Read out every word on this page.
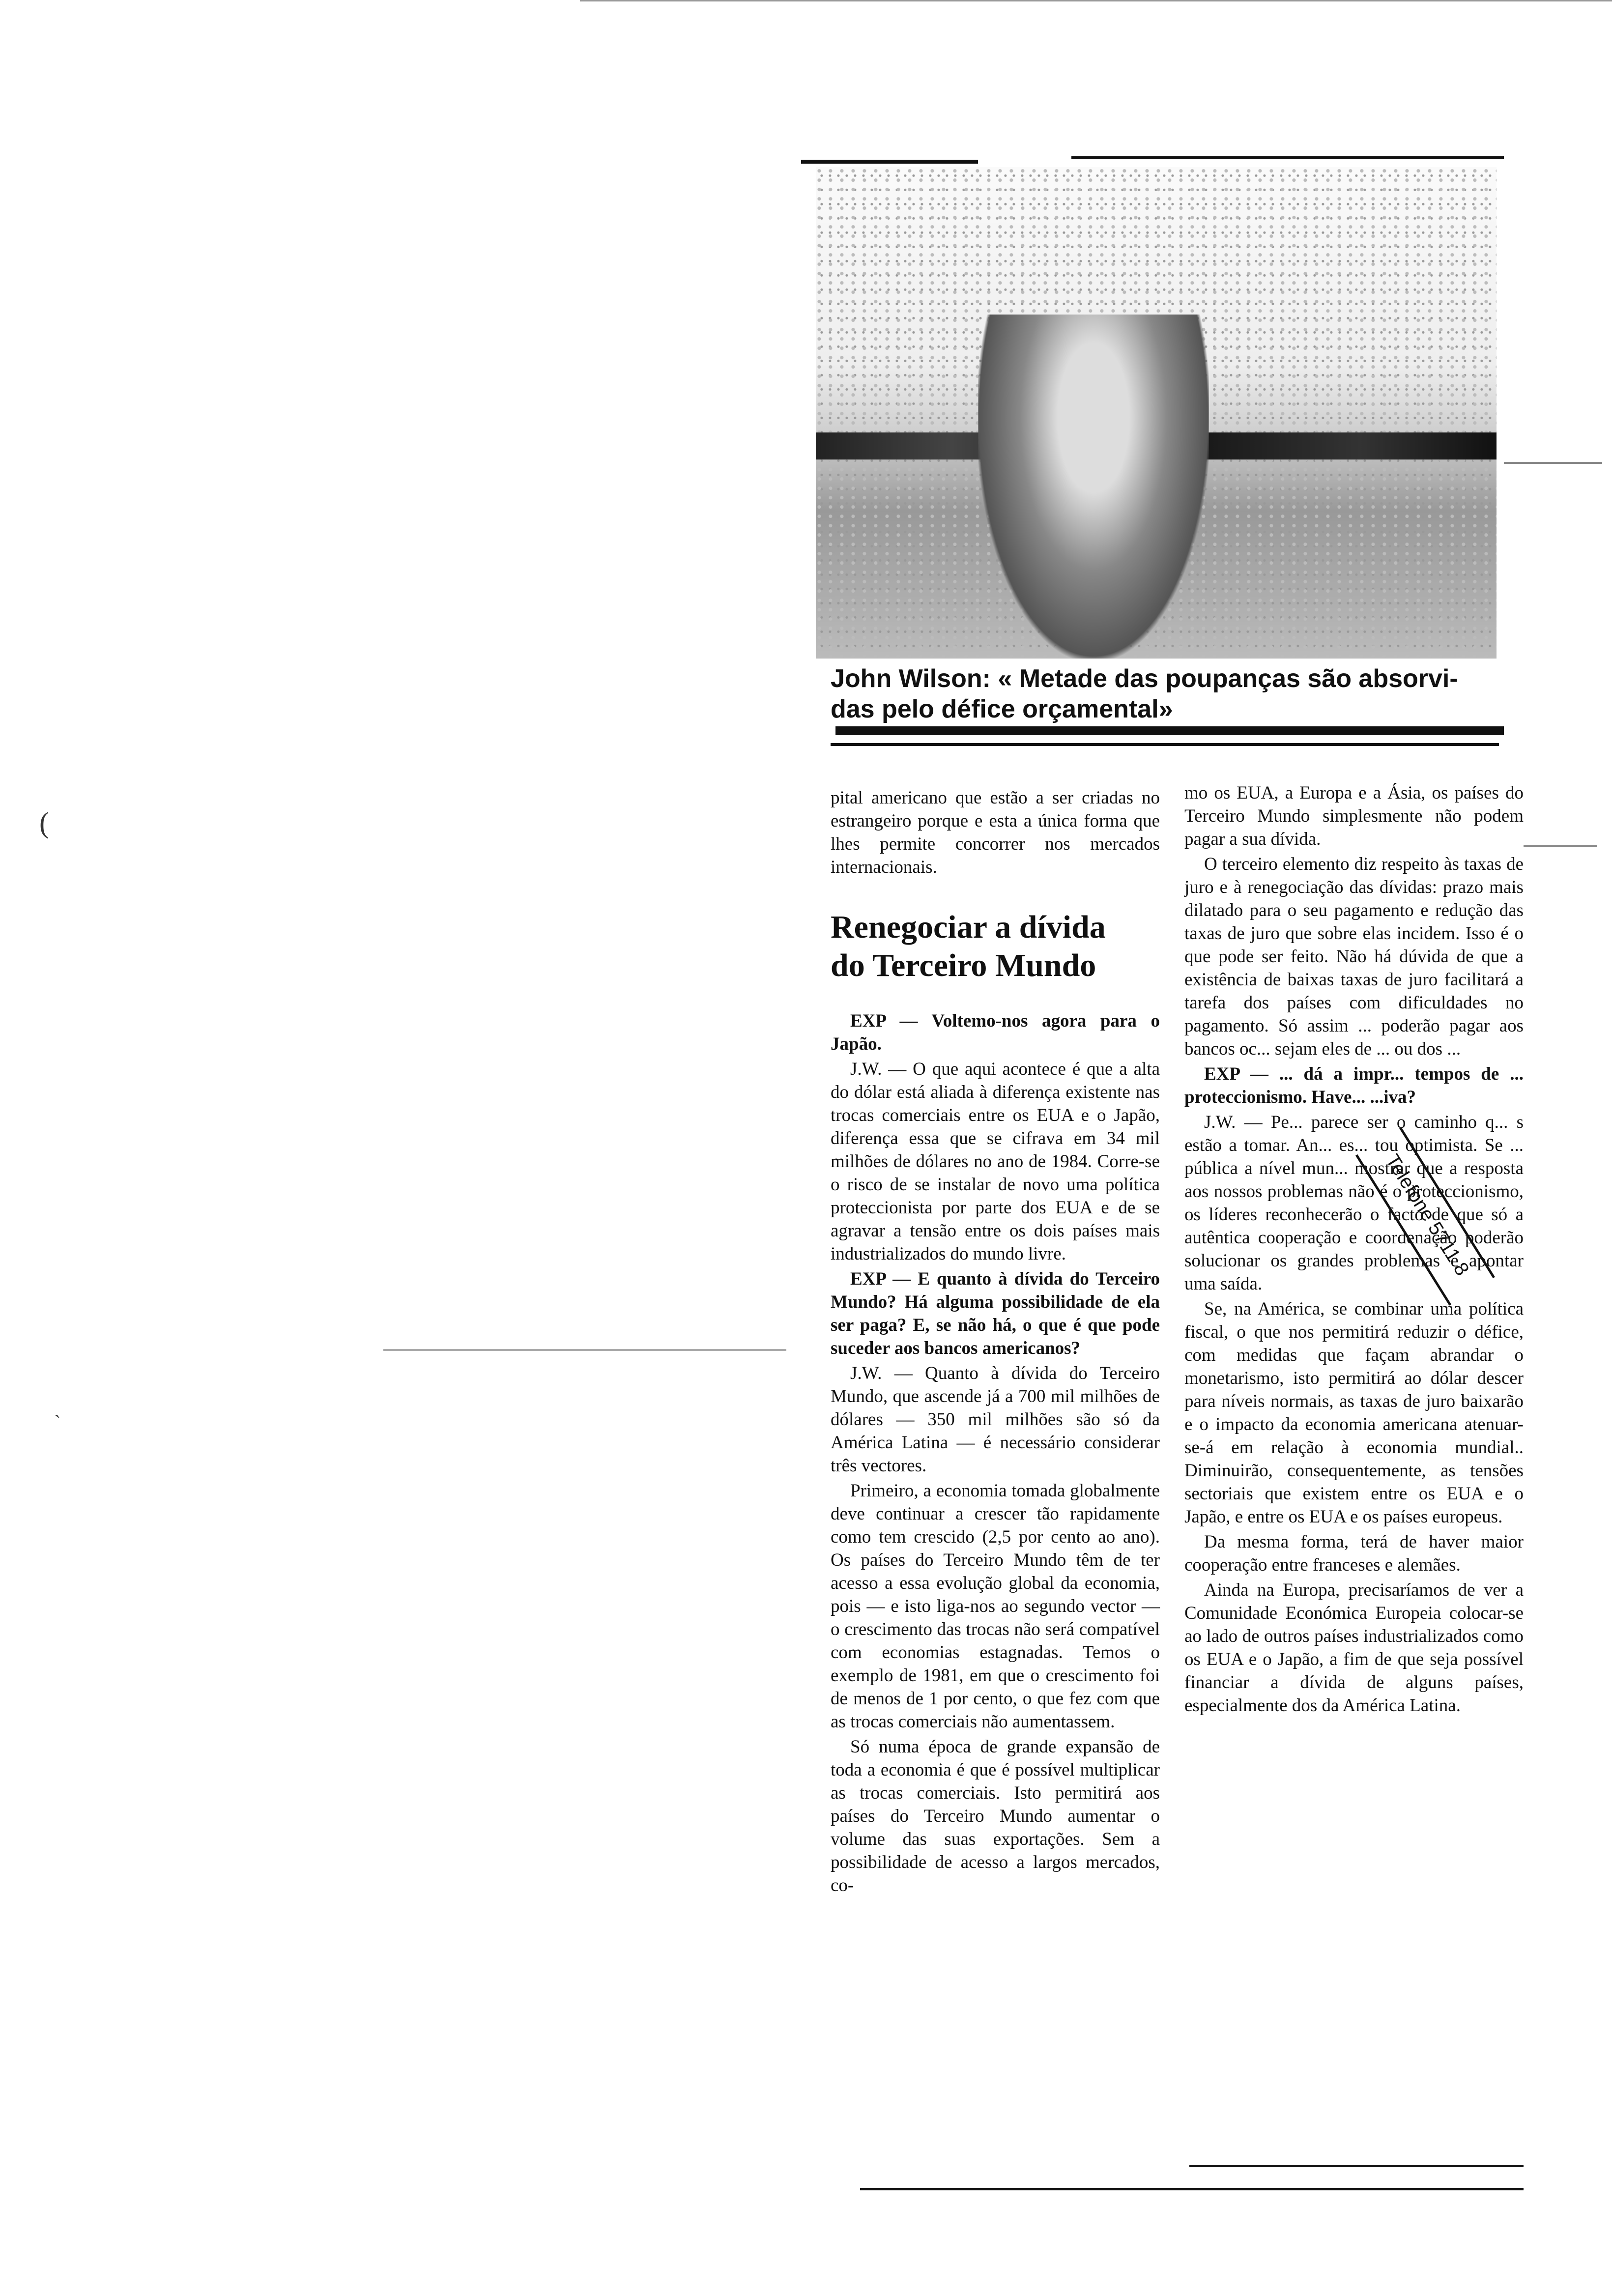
John Wilson: « Metade das poupanças são absorvi-
das pelo défice orçamental»

pital americano que estão a ser criadas no estrangeiro porque e esta a única forma que lhes permite concorrer nos mercados internacionais.

Renegociar a dívida
do Terceiro Mundo

EXP — Voltemo-nos agora para o Japão.

J.W. — O que aqui acontece é que a alta do dólar está aliada à diferença existente nas trocas comerciais entre os EUA e o Japão, diferença essa que se cifrava em 34 mil milhões de dólares no ano de 1984. Corre-se o risco de se instalar de novo uma política proteccionista por parte dos EUA e de se agravar a tensão entre os dois países mais industrializados do mundo livre.

EXP — E quanto à dívida do Terceiro Mundo? Há alguma possibilidade de ela ser paga? E, se não há, o que é que pode suceder aos bancos americanos?

J.W. — Quanto à dívida do Terceiro Mundo, que ascende já a 700 mil milhões de dólares — 350 mil milhões são só da América Latina — é necessário considerar três vectores.

Primeiro, a economia tomada globalmente deve continuar a crescer tão rapidamente como tem crescido (2,5 por cento ao ano). Os países do Terceiro Mundo têm de ter acesso a essa evolução global da economia, pois — e isto liga-nos ao segundo vector — o crescimento das trocas não será compatível com economias estagnadas. Temos o exemplo de 1981, em que o crescimento foi de menos de 1 por cento, o que fez com que as trocas comerciais não aumentassem.

Só numa época de grande expansão de toda a economia é que é possível multiplicar as trocas comerciais. Isto permitirá aos países do Terceiro Mundo aumentar o volume das suas exportações. Sem a possibilidade de acesso a largos mercados, co-

mo os EUA, a Europa e a Ásia, os países do Terceiro Mundo simplesmente não podem pagar a sua dívida.

O terceiro elemento diz respeito às taxas de juro e à renegociação das dívidas: prazo mais dilatado para o seu pagamento e redução das taxas de juro que sobre elas incidem. Isso é o que pode ser feito. Não há dúvida de que a existência de baixas taxas de juro facilitará a tarefa dos países com dificuldades no pagamento. Só assim ... poderão pagar aos bancos oc... sejam eles de ... ou dos ...

EXP — ... dá a impr... tempos de ... proteccionismo. Have... ...iva?

J.W. — Pe... parece ser o caminho q... s estão a tomar. An... es... tou optimista. Se ... pública a nível mun... mostrar que a resposta aos nossos problemas não é o proteccionismo, os líderes reconhecerão o facto de que só a autêntica cooperação e coordenação poderão solucionar os grandes problemas e apontar uma saída.

Se, na América, se combinar uma política fiscal, o que nos permitirá reduzir o défice, com medidas que façam abrandar o monetarismo, isto permitirá ao dólar descer para níveis normais, as taxas de juro baixarão e o impacto da economia americana atenuar-se-á em relação à economia mundial.. Diminuirão, consequentemente, as tensões sectoriais que existem entre os EUA e o Japão, e entre os EUA e os países europeus.

Da mesma forma, terá de haver maior cooperação entre franceses e alemães.

Ainda na Europa, precisaríamos de ver a Comunidade Económica Europeia colocar-se ao lado de outros países industrializados como os EUA e o Japão, a fim de que seja possível financiar a dívida de alguns países, especialmente dos da América Latina.

Telefone 5711 8
(
`
